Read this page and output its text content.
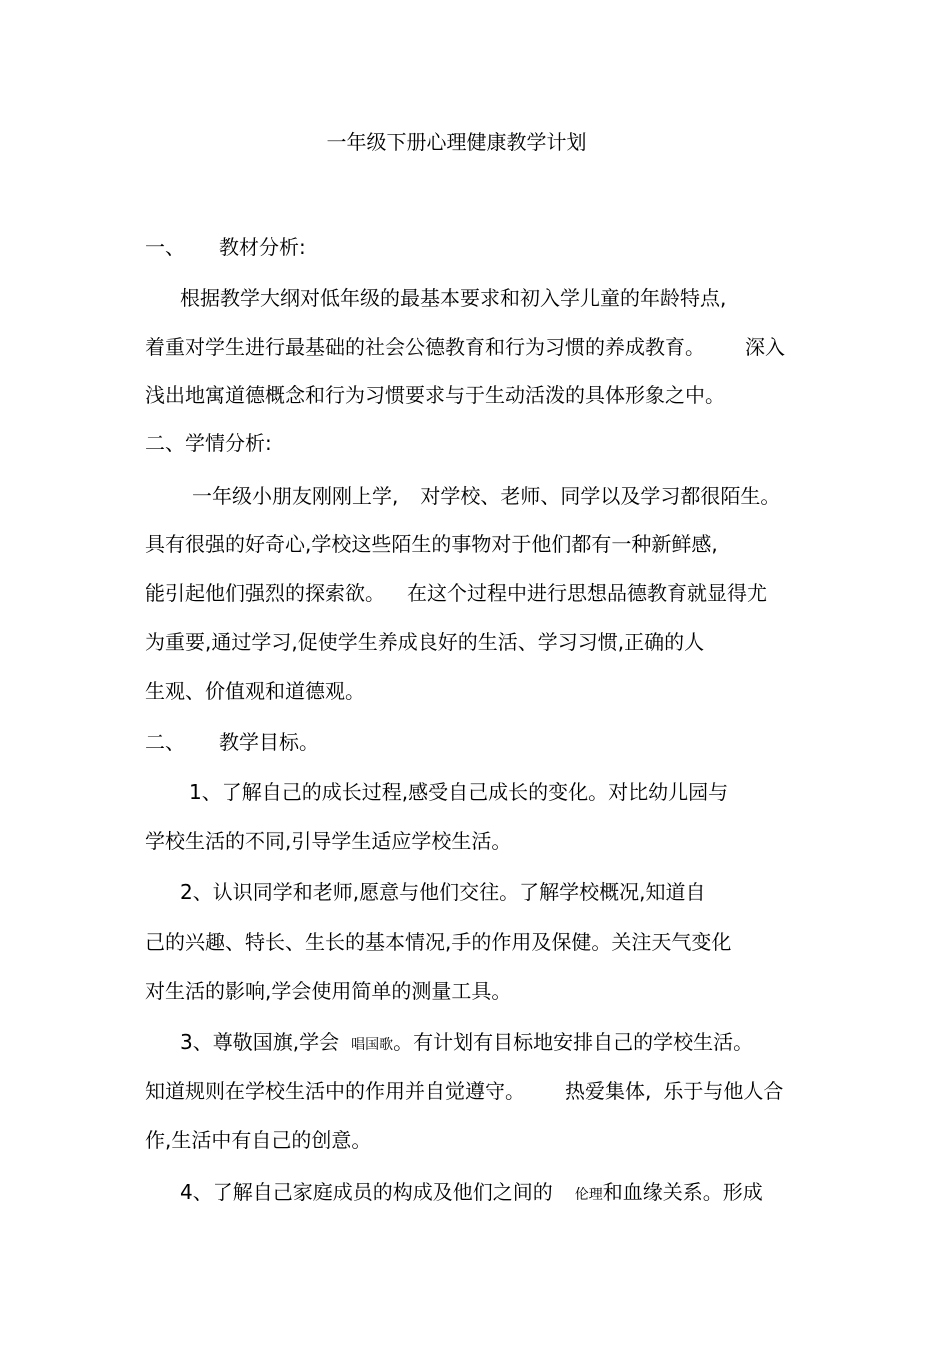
一年级下册心理健康教学计划
一、 教材分析:
根据教学大纲对低年级的最基本要求和初入学儿童的年龄特点,
着重对学生进行最基础的社会公德教育和行为习惯的养成教育。 深入
浅出地寓道德概念和行为习惯要求与于生动活泼的具体形象之中。
二、学情分析:
一年级小朋友刚刚上学, 对学校、老师、同学以及学习都很陌生。
具有很强的好奇心,学校这些陌生的事物对于他们都有一种新鲜感,
能引起他们强烈的探索欲。 在这个过程中进行思想品德教育就显得尤
为重要,通过学习,促使学生养成良好的生活、学习习惯,正确的人
生观、价值观和道德观。
二、 教学目标。
1、了解自己的成长过程,感受自己成长的变化。对比幼儿园与
学校生活的不同,引导学生适应学校生活。
2、认识同学和老师,愿意与他们交往。了解学校概况,知道自
己的兴趣、特长、生长的基本情况,手的作用及保健。关注天气变化
对生活的影响,学会使用简单的测量工具。
3、尊敬国旗,学会 唱国歌。有计划有目标地安排自己的学校生活。
知道规则在学校生活中的作用并自觉遵守。 热爱集体, 乐于与他人合
作,生活中有自己的创意。
4、了解自己家庭成员的构成及他们之间的 伦理和血缘关系。形成
